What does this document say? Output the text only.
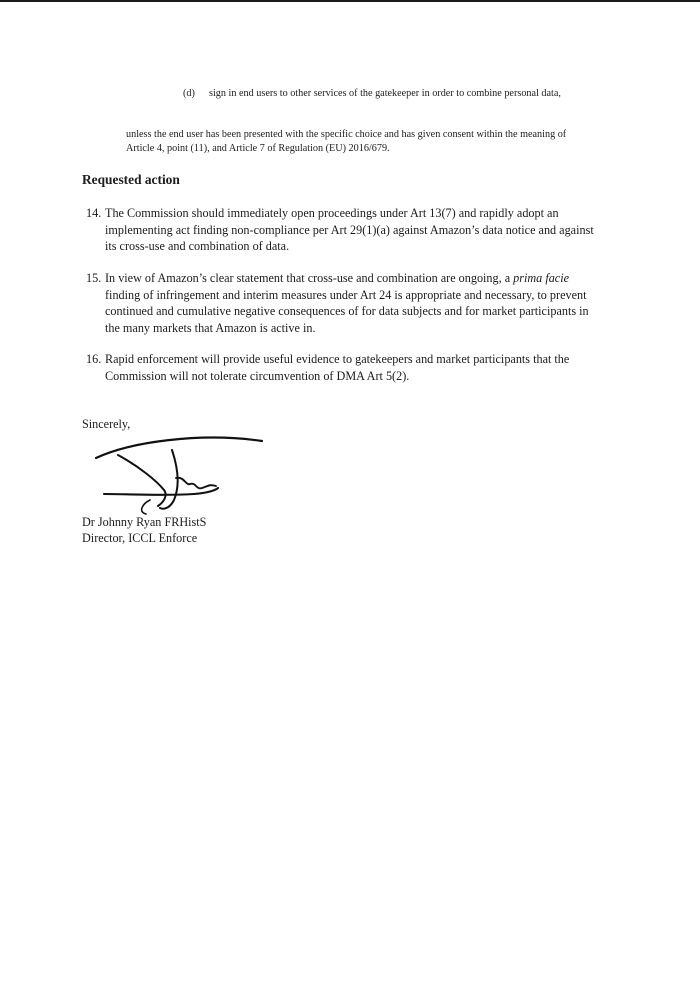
(d) sign in end users to other services of the gatekeeper in order to combine personal data,
unless the end user has been presented with the specific choice and has given consent within the meaning of Article 4, point (11), and Article 7 of Regulation (EU) 2016/679.
Requested action
14. The Commission should immediately open proceedings under Art 13(7) and rapidly adopt an implementing act finding non-compliance per Art 29(1)(a) against Amazon’s data notice and against its cross-use and combination of data.
15. In view of Amazon’s clear statement that cross-use and combination are ongoing, a prima facie finding of infringement and interim measures under Art 24 is appropriate and necessary, to prevent continued and cumulative negative consequences of for data subjects and for market participants in the many markets that Amazon is active in.
16. Rapid enforcement will provide useful evidence to gatekeepers and market participants that the Commission will not tolerate circumvention of DMA Art 5(2).
Sincerely,
Dr Johnny Ryan FRHistS
Director, ICCL Enforce
